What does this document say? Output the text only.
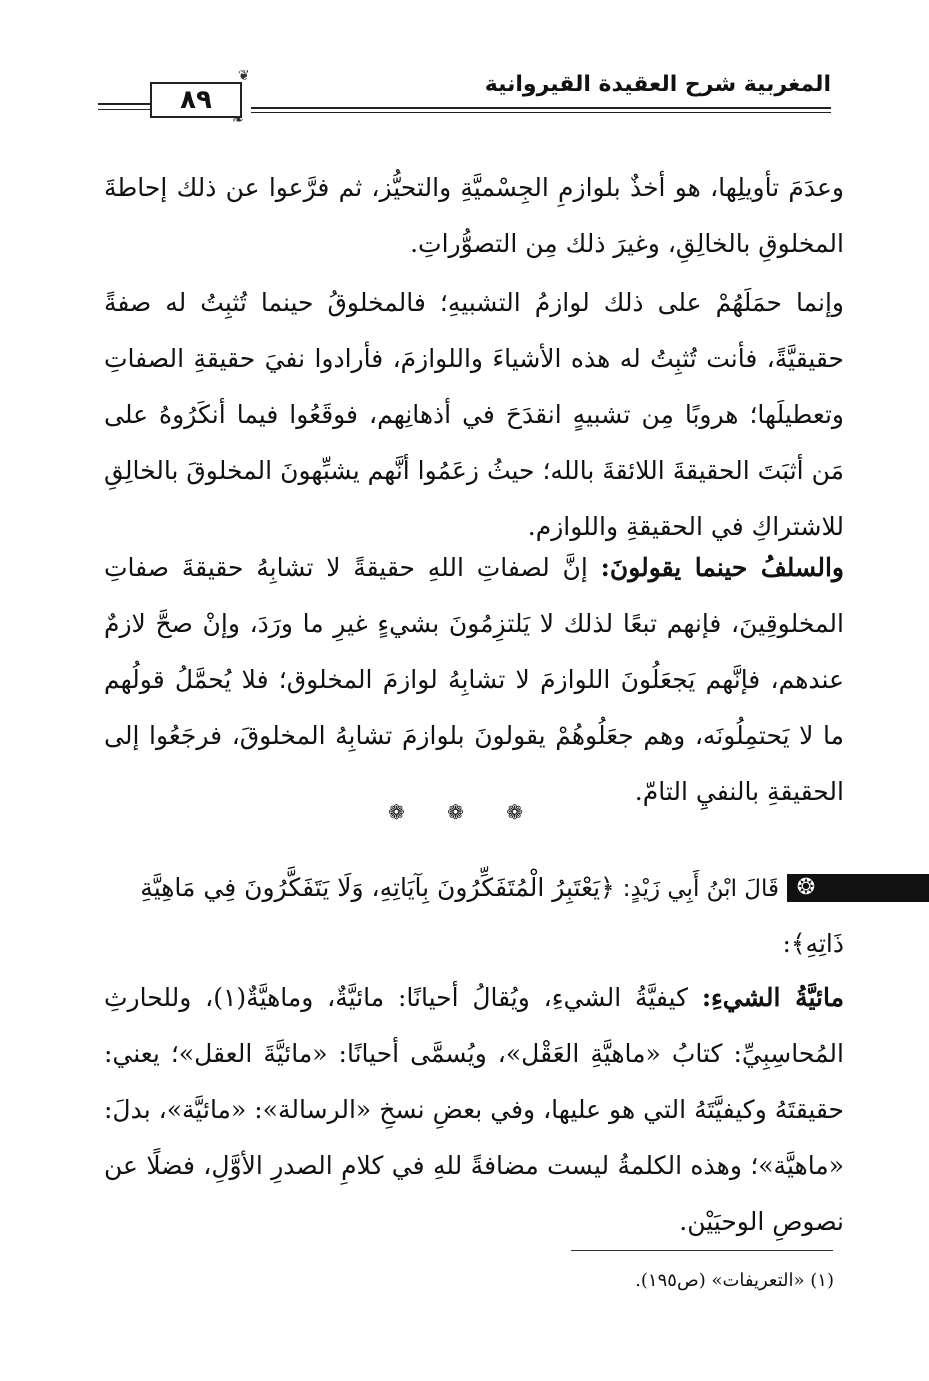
❦
❧
٨٩
المغربية شرح العقيدة القيروانية

وعدَمَ تأويلِها، هو أخذٌ بلوازمِ الجِسْميَّةِ والتحيُّز، ثم فرَّعوا عن ذلك إحاطةَ المخلوقِ بالخالِقِ، وغيرَ ذلك مِن التصوُّراتِ.

وإنما حمَلَهُمْ على ذلك لوازمُ التشبيهِ؛ فالمخلوقُ حينما تُثبِتُ له صفةً حقيقيَّةً، فأنت تُثبِتُ له هذه الأشياءَ واللوازمَ، فأرادوا نفيَ حقيقةِ الصفاتِ وتعطيلَها؛ هروبًا مِن تشبيهٍ انقدَحَ في أذهانِهم، فوقَعُوا فيما أنكَرُوهُ على مَن أثبَتَ الحقيقةَ اللائقةَ بالله؛ حيثُ زعَمُوا أنَّهم يشبِّهونَ المخلوقَ بالخالِقِ للاشتراكِ في الحقيقةِ واللوازم.

والسلفُ حينما يقولونَ: إنَّ لصفاتِ اللهِ حقيقةً لا تشابِهُ حقيقةَ صفاتِ المخلوقِينَ، فإنهم تبعًا لذلك لا يَلتزِمُونَ بشيءٍ غيرِ ما ورَدَ، وإنْ صحَّ لازمٌ عندهم، فإنَّهم يَجعَلُونَ اللوازمَ لا تشابِهُ لوازمَ المخلوق؛ فلا يُحمَّلُ قولُهم ما لا يَحتمِلُونَه، وهم جعَلُوهُمْ يقولونَ بلوازمَ تشابِهُ المخلوقَ، فرجَعُوا إلى الحقيقةِ بالنفيِ التامّ.

❁ ❁ ❁
❂

قَالَ ابْنُ أَبِي زَيْدٍ: ﴿يَعْتَبِرُ الْمُتَفَكِّرُونَ بِآيَاتِهِ، وَلَا يَتَفَكَّرُونَ فِي مَاهِيَّةِ

ذَاتِهِ﴾:

مائيَّةُ الشيءِ: كيفيَّةُ الشيءِ، ويُقالُ أحيانًا: مائيَّةٌ، وماهيَّةٌ(١)، وللحارثِ المُحاسِبِيِّ: كتابُ «ماهيَّةِ العَقْل»، ويُسمَّى أحيانًا: «مائيَّةَ العقل»؛ يعني: حقيقتَهُ وكيفيَّتَهُ التي هو عليها، وفي بعضِ نسخِ «الرسالة»: «مائيَّة»، بدلَ: «ماهيَّة»؛ وهذه الكلمةُ ليست مضافةً للهِ في كلامِ الصدرِ الأوَّلِ، فضلًا عن نصوصِ الوحيَيْن.

(١) «التعريفات» (ص١٩٥).
